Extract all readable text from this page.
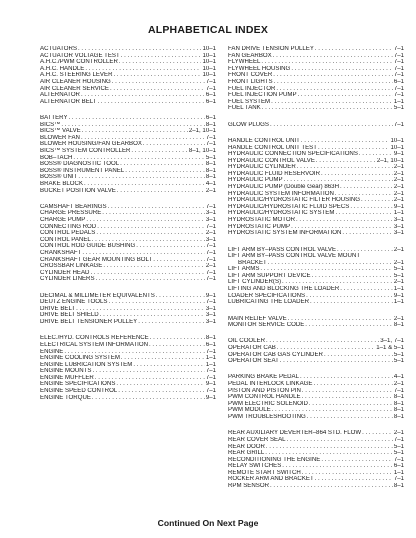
ALPHABETICAL INDEX
ACTUATORS . . .	10–1
ACTUATOR VOLTAGE TEST . . .	10–1
A.H.C./PWM CONTROLLER . . .	10–1
A.H.C. HANDLE . . .	10–1
A.H.C. STEERING LEVER . . .	10–1
AIR CLEANER HOUSING . . .	7–1
AIR CLEANER SERVICE . . .	7–1
ALTERNATOR . . .	6–1
ALTERNATOR BELT . . .	6–1
BATTERY . . .	6–1
BICS™ . . .	8–1
BICS™ VALVE . . .	2–1, 10–1
BLOWER FAN . . .	7–1
BLOWER HOUSING/FAN GEARBOX . . .	7–1
BICS™ SYSTEM CONTROLLER . . .	8–1, 10–1
BOB–TACH . . .	5–1
BOSS® DIAGNOSTIC TOOL . . .	8–1
BOSS® INSTRUMENT PANEL . . .	8–1
BOSS® UNIT . . .	8–1
BRAKE BLOCK . . .	4–1
BUCKET POSITION VALVE . . .	2–1
CAMSHAFT BEARINGS . . .	7–1
CHARGE PRESSURE . . .	3–1
CHARGE PUMP . . .	3–1
CONNECTING ROD . . .	7–1
CONTROL PEDALS . . .	2–1
CONTROL PANEL . . .	3–1
CONTROL ROD GUIDE BUSHING . . .	7–1
CRANKSHAFT . . .	7–1
CRANKSHAFT GEAR MOUNTING BOLT . . .	7–1
CROSSBAR LINKAGE . . .	2–1
CYLINDER HEAD . . .	7–1
CYLINDER LINERS . . .	7–1
DECIMAL & MILLIMETER EQUIVALENTS . . .	9–1
DEUTZ ENGINE TOOLS . . .	7–1
DRIVE BELT . . .	3–1
DRIVE BELT SHIELD . . .	3–1
DRIVE BELT TENSIONER PULLEY . . .	3–1
ELEC./HYD. CONTROLS REFERENCE . . .	8–1
ELECTRICAL SYSTEM INFORMATION . . .	6–1
ENGINE . . .	7–1
ENGINE COOLING SYSTEM . . .	1–1
ENGINE LUBRICATION SYSTEM . . .	1–1
ENGINE MOUNTS . . .	7–1
ENGINE MUFFLER . . .	7–1
ENGINE SPECIFICATIONS . . .	9–1
ENGINE SPEED CONTROL . . .	7–1
ENGINE TORQUE . . .	9–1
FAN DRIVE TENSION PULLEY . . .	7–1
FAN GEARBOX . . .	7–1
FLYWHEEL . . .	7–1
FLYWHEEL HOUSING . . .	7–1
FRONT COVER . . .	7–1
FRONT LIGHTS . . .	6–1
FUEL INJECTOR . . .	7–1
FUEL INJECTION PUMP . . .	7–1
FUEL SYSTEM . . .	1–1
FUEL TANK . . .	5–1
GLOW PLUGS . . .	7–1
HANDLE CONTROL UNIT . . .	10–1
HANDLE CONTROL UNIT TEST . . .	10–1
HYDRAULIC CONNECTION SPECIFICATIONS . . .	9–1
HYDRAULIC CONTROL VALVE . . .	2–1, 10–1
HYDRAULIC CYLINDER . . .	2–1
HYDRAULIC FLUID RESERVOIR . . .	2–1
HYDRAULIC PUMP . . .	2–1
HYDRAULIC PUMP (Double Gear) 863H . . .	2–1
HYDRAULIC SYSTEM INFORMATION . . .	2–1
HYDRAULIC/HYDROSTATIC FILTER HOUSING . . .	2–1
HYDRAULIC/HYDROSTATIC FLUID SPECS . . .	9–1
HYDRAULIC/HYDROSTATIC SYSTEM . . .	1–1
HYDROSTATIC MOTOR . . .	3–1
HYDROSTATIC PUMP . . .	3–1
HYDROSTATIC SYSTEM INFORMATION . . .	3–1
LIFT ARM BY–PASS CONTROL VALVE . . .	2–1
LIFT ARM BY–PASS CONTROL VALVE MOUNT
BRACKET . . .	2–1
LIFT ARMS . . .	5–1
LIFT ARM SUPPORT DEVICE . . .	5–1
LIFT CYLINDER(S) . . .	2–1
LIFTING AND BLOCKING THE LOADER . . .	1–1
LOADER SPECIFICATIONS . . .	9–1
LUBRICATING THE LOADER . . .	1–1
MAIN RELIEF VALVE . . .	2–1
MONITOR SERVICE CODE . . .	8–1
OIL COOLER . . .	3–1, 7–1
OPERATOR CAB . . .	1–1 & 5–1
OPERATOR CAB GAS CYLINDER . . .	5–1
OPERATOR SEAT . . .	5–1
PARKING BRAKE PEDAL . . .	4–1
PEDAL INTERLOCK LINKAGE . . .	2–1
PISTON AND PISTON PIN . . .	7–1
PWM CONTROL HANDLE . . .	8–1
PWM ELECTRIC SOLENOID . . .	8–1
PWM MODULE . . .	8–1
PWM TROUBLESHOOTING . . .	8–1
REAR AUXILIARY DEVERTER–864 STD. FLOW . . .	2–1
REAR COVER SEAL . . .	7–1
REAR DOOR . . .	5–1
REAR GRILL . . .	5–1
RECONDITIONING THE ENGINE . . .	7–1
RELAY SWITCHES . . .	6–1
REMOTE START SWITCH . . .	1–1
ROCKER ARM AND BRACKET . . .	7–1
RPM SENSOR . . .	8–1
Continued On Next Page
